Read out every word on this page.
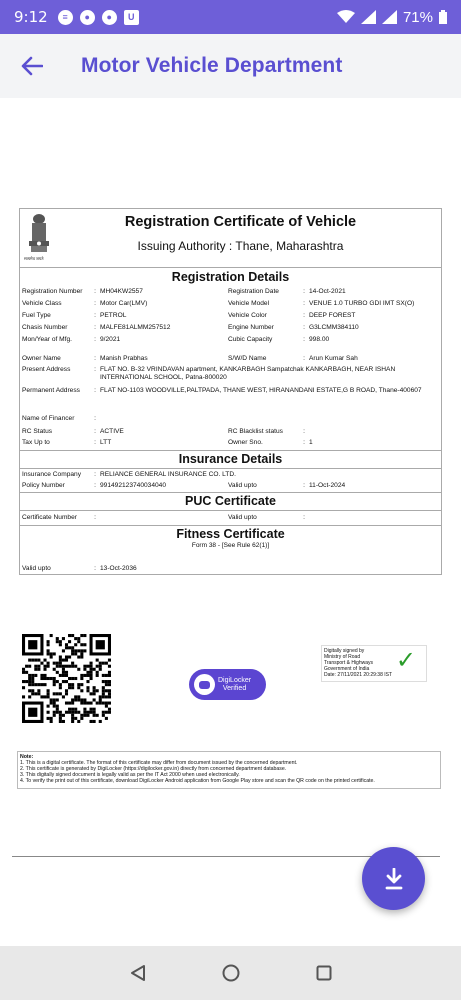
9:12	≡	●	●	U	71%
Motor Vehicle Department
सत्यमेव जयते
Registration Certificate of Vehicle
Issuing Authority : Thane, Maharashtra
Registration Details
Registration Number	:	MH04KW2557	Registration Date	:	14-Oct-2021
Vehicle Class	:	Motor Car(LMV)	Vehicle Model	:	VENUE 1.0 TURBO GDI IMT SX(O)
Fuel Type	:	PETROL	Vehicle Color	:	DEEP FOREST
Chasis Number	:	MALFE81ALMM257512	Engine Number	:	G3LCMM384110
Mon/Year of Mfg.	:	9/2021	Cubic Capacity	:	998.00
Owner Name	:	Manish Prabhas	S/W/D Name	:	Arun Kumar Sah
Present Address	:	FLAT NO. B-32 VRINDAVAN apartment, KANKARBAGH Sampatchak KANKARBAGH, NEAR ISHAN INTERNATIONAL SCHOOL, Patna-800020			
Permanent Address	:	FLAT NO-1103 WOODVILLE,PALTPADA, THANE WEST, HIRANANDANI ESTATE,G B ROAD, Thane-400607			
Name of Financer	:				
RC Status	:	ACTIVE	RC Blacklist status	:	
Tax Up to	:	LTT	Owner Sno.	:	1
Insurance Details
Insurance Company	:	RELIANCE GENERAL INSURANCE CO. LTD.			
Policy Number	:	991492123740034040	Valid upto	:	11-Oct-2024
PUC Certificate
Certificate Number	:		Valid upto	:	
Fitness Certificate
Form 38 - [See Rule 62(1)]
Valid upto	:	13-Oct-2036
DigiLocker
Verified
Digitally signed by
Ministry of Road
Transport & Highways
Government of India
Date: 27/11/2021 20:29:38 IST
✓
Note:
1. This is a digital certificate. The format of this certificate may differ from document issued by the concerned department.
2. This certificate is generated by DigiLocker (https://digilocker.gov.in) directly from concerned department database.
3. This digitally signed document is legally valid as per the IT Act 2000 when used electronically.
4. To verify the print out of this certificate, download DigiLocker Android application from Google Play store and scan the QR code on the printed certificate.
